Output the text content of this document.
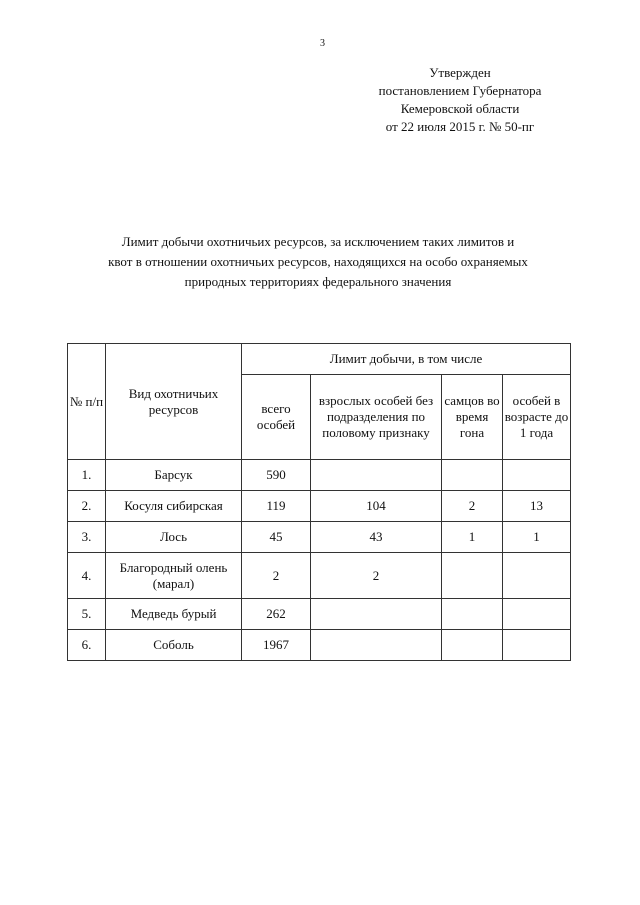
3
Утвержден
постановлением Губернатора
Кемеровской области
от 22 июля 2015 г. № 50-пг
Лимит добычи охотничьих ресурсов, за исключением таких лимитов и
квот в отношении охотничьих ресурсов, находящихся на особо охраняемых
природных территориях федерального значения
№ п/п	Вид охотничьих ресурсов	Лимит добычи, в том числе			
		всего особей	взрослых особей без подразделения по половому признаку	самцов во время гона	особей в возрасте до 1 года
1.	Барсук	590			
2.	Косуля сибирская	119	104	2	13
3.	Лось	45	43	1	1
4.	Благородный олень (марал)	2	2		
5.	Медведь бурый	262			
6.	Соболь	1967			
